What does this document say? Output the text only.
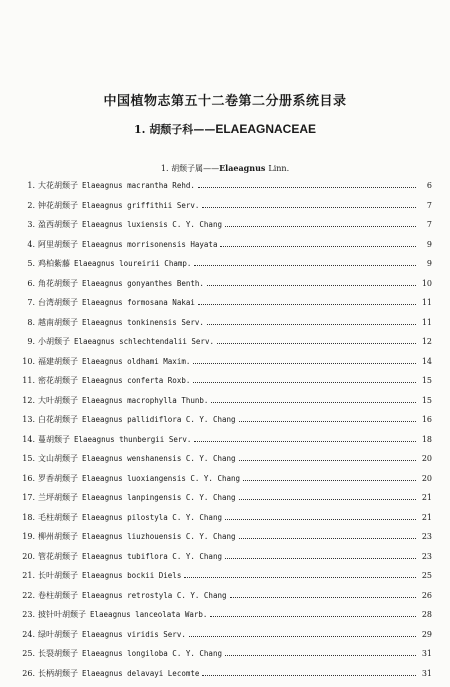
中国植物志第五十二卷第二分册系统目录
1. 胡颓子科——ELAEAGNACEAE
1. 胡颓子属——Elaeagnus Linn.
1. 大花胡颓子 Elaeagnus macrantha Rehd.	6
2. 钟花胡颓子 Elaeagnus griffithii Serv.	7
3. 盈西胡颓子 Elaeagnus luxiensis C. Y. Chang	7
4. 阿里胡颓子 Elaeagnus morrisonensis Hayata	9
5. 鸡柏紫藤 Elaeagnus loureirii Champ.	9
6. 角花胡颓子 Elaeagnus gonyanthes Benth.	10
7. 台湾胡颓子 Elaeagnus formosana Nakai	11
8. 越南胡颓子 Elaeagnus tonkinensis Serv.	11
9. 小胡颓子 Elaeagnus schlechtendalii Serv.	12
10. 福建胡颓子 Elaeagnus oldhami Maxim.	14
11. 密花胡颓子 Elaeagnus conferta Roxb.	15
12. 大叶胡颓子 Elaeagnus macrophylla Thunb.	15
13. 白花胡颓子 Elaeagnus pallidiflora C. Y. Chang	16
14. 蔓胡颓子 Elaeagnus thunbergii Serv.	18
15. 文山胡颓子 Elaeagnus wenshanensis C. Y. Chang	20
16. 罗香胡颓子 Elaeagnus luoxiangensis C. Y. Chang	20
17. 兰坪胡颓子 Elaeagnus lanpingensis C. Y. Chang	21
18. 毛柱胡颓子 Elaeagnus pilostyla C. Y. Chang	21
19. 柳州胡颓子 Elaeagnus liuzhouensis C. Y. Chang	23
20. 管花胡颓子 Elaeagnus tubiflora C. Y. Chang	23
21. 长叶胡颓子 Elaeagnus bockii Diels	25
22. 卷柱胡颓子 Elaeagnus retrostyla C. Y. Chang	26
23. 披针叶胡颓子 Elaeagnus lanceolata Warb.	28
24. 绿叶胡颓子 Elaeagnus viridis Serv.	29
25. 长裂胡颓子 Elaeagnus longiloba C. Y. Chang	31
26. 长柄胡颓子 Elaeagnus delavayi Lecomte	31
